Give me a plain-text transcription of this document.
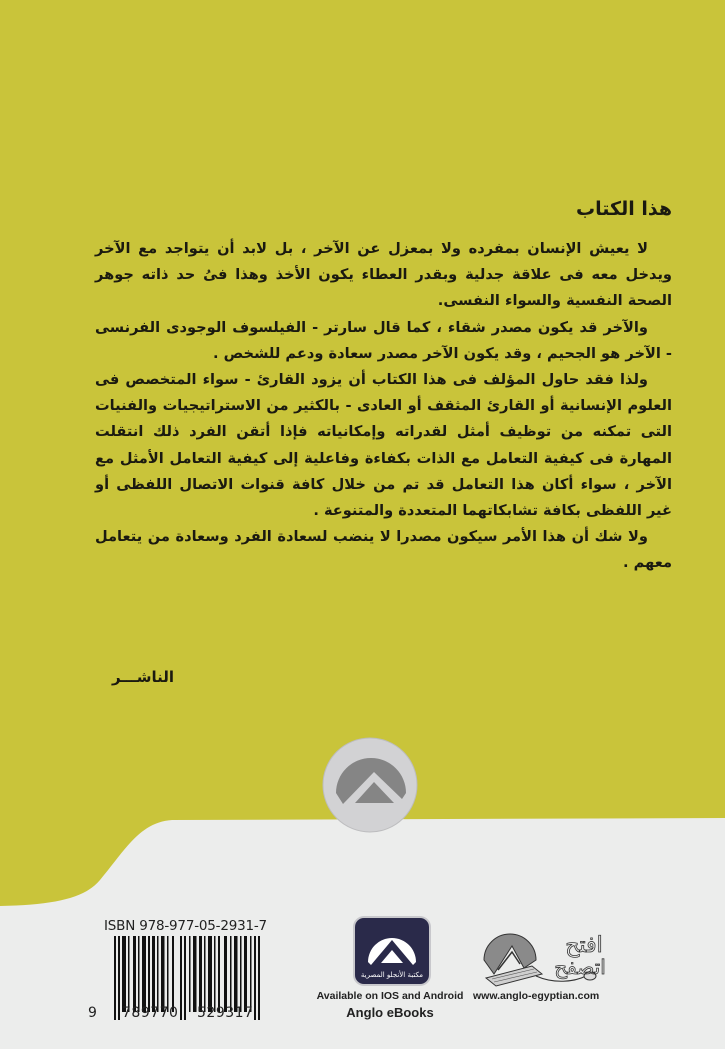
هذا الكتاب

لا يعيش الإنسان بمفرده ولا بمعزل عن الآخر ، بل لابد أن يتواجد مع الآخر ويدخل معه فى علاقة جدلية وبقدر العطاء يكون الأخذ وهذا فىُ حد ذاته جوهر الصحة النفسية والسواء النفسى.

والآخر قد يكون مصدر شقاء ، كما قال سارتر - الفيلسوف الوجودى الفرنسى - الآخر هو الجحيم ، وقد يكون الآخر مصدر سعادة ودعم للشخص .

ولذا فقد حاول المؤلف فى هذا الكتاب أن يزود القارئ - سواء المتخصص فى العلوم الإنسانية أو القارئ المثقف أو العادى - بالكثير من الاستراتيجيات والفنيات التى تمكنه من توظيف أمثل لقدراته وإمكانياته فإذا أتقن الفرد ذلك انتقلت المهارة فى كيفية التعامل مع الذات بكفاءة وفاعلية إلى كيفية التعامل الأمثل مع الآخر ، سواء أكان هذا التعامل قد تم من خلال كافة قنوات الاتصال اللفظى أو غير اللفظى بكافة تشابكاتهما المتعددة والمتنوعة .

ولا شك أن هذا الأمر سيكون مصدرا لا ينضب لسعادة الفرد وسعادة من يتعامل معهم .

الناشـــر
ISBN 978-977-05-2931-7
9 789770 529317
مكتبة الأنجلو المصرية
Available on IOS and Android
Anglo eBooks
افتح
اتصفح
www.anglo-egyptian.com
